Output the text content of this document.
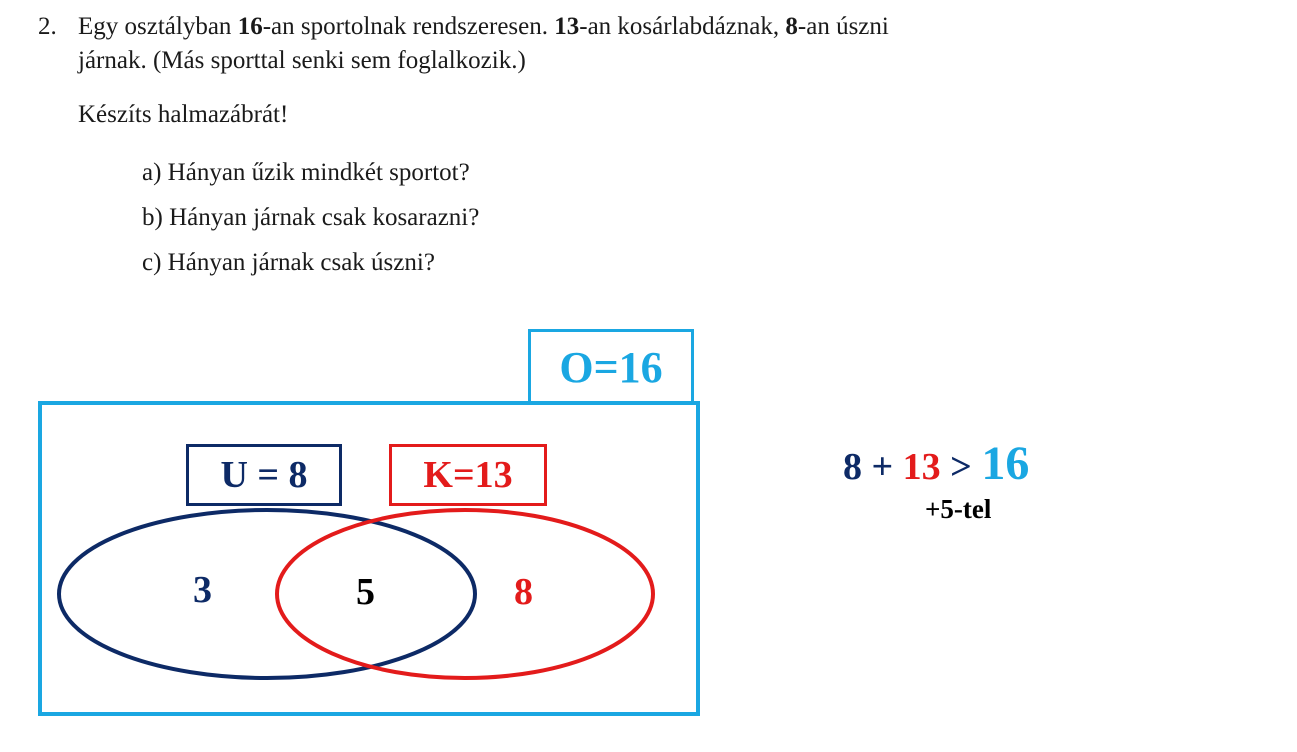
2. Egy osztályban 16-an sportolnak rendszeresen. 13-an kosárlabdáznak, 8-an úszni
járnak. (Más sporttal senki sem foglalkozik.)
Készíts halmazábrát!
a) Hányan űzik mindkét sportot?
b) Hányan járnak csak kosarazni?
c) Hányan járnak csak úszni?
O=16
U = 8	K=13
3	5	8
8 + 13 > 16
+5-tel
